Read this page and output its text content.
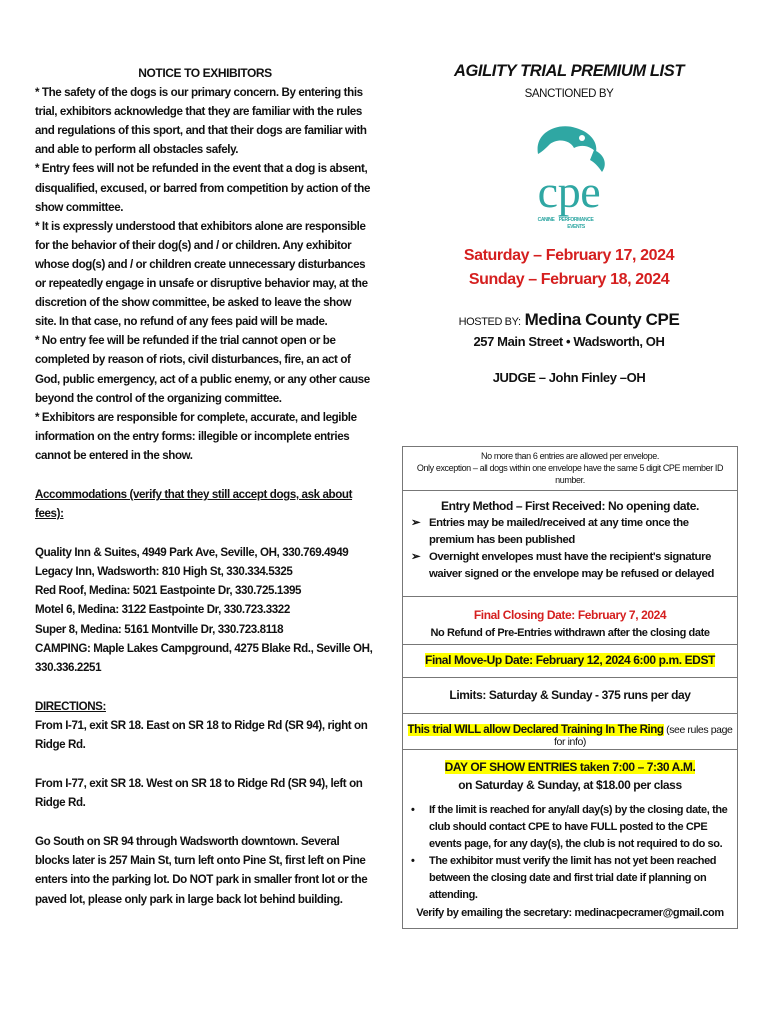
NOTICE TO EXHIBITORS

* The safety of the dogs is our primary concern. By entering this trial, exhibitors acknowledge that they are familiar with the rules and regulations of this sport, and that their dogs are familiar with and able to perform all obstacles safely.

* Entry fees will not be refunded in the event that a dog is absent, disqualified, excused, or barred from competition by action of the show committee.

* It is expressly understood that exhibitors alone are responsible for the behavior of their dog(s) and / or children. Any exhibitor whose dog(s) and / or children create unnecessary disturbances or repeatedly engage in unsafe or disruptive behavior may, at the discretion of the show committee, be asked to leave the show site. In that case, no refund of any fees paid will be made.

* No entry fee will be refunded if the trial cannot open or be completed by reason of riots, civil disturbances, fire, an act of God, public emergency, act of a public enemy, or any other cause beyond the control of the organizing committee.

* Exhibitors are responsible for complete, accurate, and legible information on the entry forms: illegible or incomplete entries cannot be entered in the show.

Accommodations (verify that they still accept dogs, ask about fees):

Quality Inn & Suites, 4949 Park Ave, Seville, OH, 330.769.4949

Legacy Inn, Wadsworth: 810 High St, 330.334.5325

Red Roof, Medina: 5021 Eastpointe Dr, 330.725.1395

Motel 6, Medina: 3122 Eastpointe Dr, 330.723.3322

Super 8, Medina: 5161 Montville Dr, 330.723.8118

CAMPING: Maple Lakes Campground, 4275 Blake Rd., Seville OH, 330.336.2251

DIRECTIONS:

From I-71, exit SR 18. East on SR 18 to Ridge Rd (SR 94), right on Ridge Rd.

From I-77, exit SR 18. West on SR 18 to Ridge Rd (SR 94), left on Ridge Rd.

Go South on SR 94 through Wadsworth downtown. Several blocks later is 257 Main St, turn left onto Pine St, first left on Pine enters into the parking lot. Do NOT park in smaller front lot or the paved lot, please only park in large back lot behind building.

AGILITY TRIAL PREMIUM LIST
SANCTIONED BY
cpe
CANINE PERFORMANCE
EVENTS
Saturday – February 17, 2024
Sunday – February 18, 2024
HOSTED BY: Medina County CPE
257 Main Street • Wadsworth, OH
JUDGE – John Finley –OH
No more than 6 entries are allowed per envelope.
Only exception – all dogs within one envelope have the same 5 digit CPE member ID number.
Entry Method – First Received: No opening date.
➢ Entries may be mailed/received at any time once the premium has been published
➢ Overnight envelopes must have the recipient's signature waiver signed or the envelope may be refused or delayed
Final Closing Date: February 7, 2024
No Refund of Pre-Entries withdrawn after the closing date
Final Move-Up Date: February 12, 2024 6:00 p.m. EDST
Limits: Saturday & Sunday - 375 runs per day
This trial WILL allow Declared Training In The Ring (see rules page for info)
DAY OF SHOW ENTRIES taken 7:00 – 7:30 A.M.
on Saturday & Sunday, at $18.00 per class
• If the limit is reached for any/all day(s) by the closing date, the club should contact CPE to have FULL posted to the CPE events page, for any day(s), the club is not required to do so.
• The exhibitor must verify the limit has not yet been reached between the closing date and first trial date if planning on attending.
Verify by emailing the secretary: medinacpecramer@gmail.com
